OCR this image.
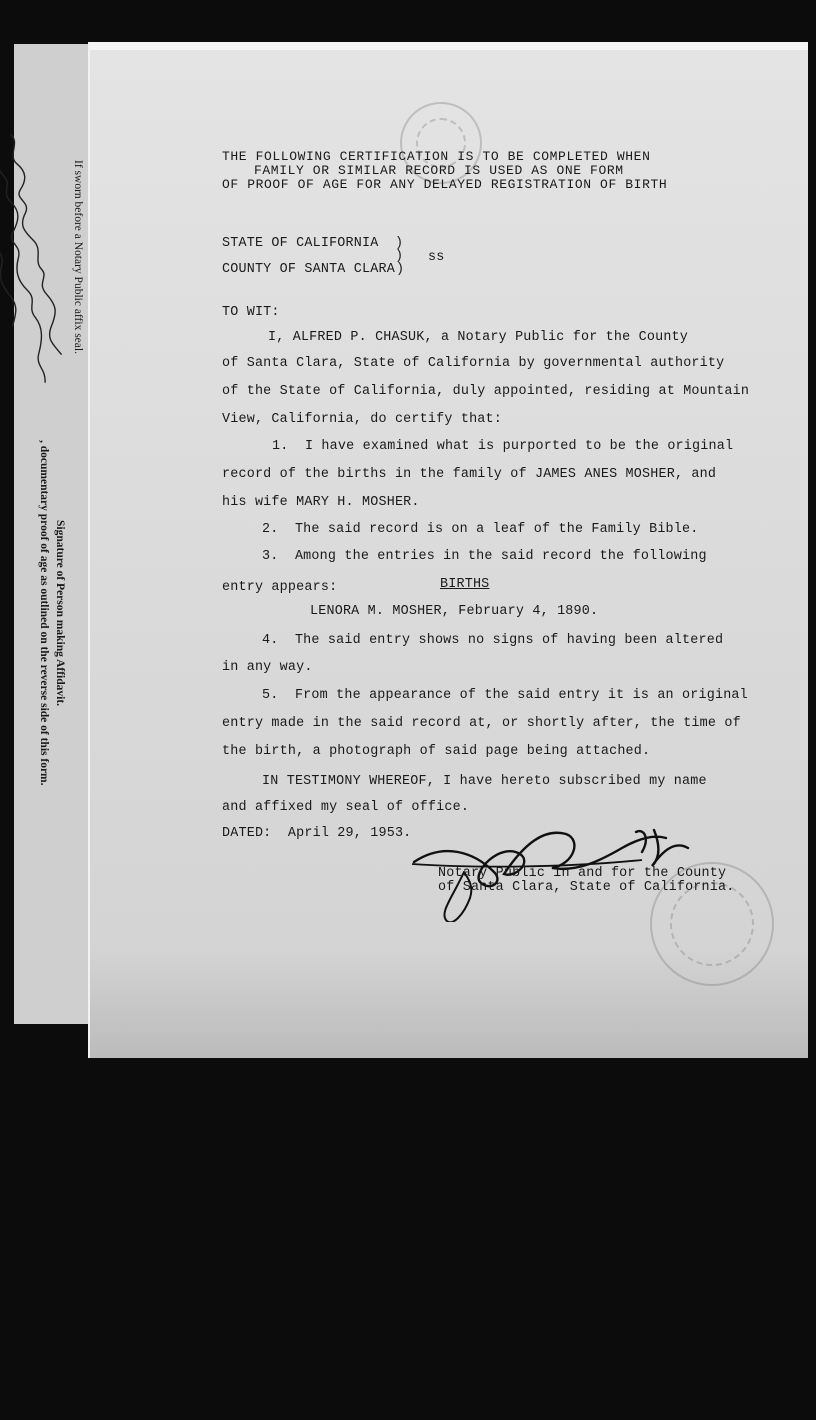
If sworn before a Notary Public affix seal.
Signature of Person making Affidavit.
, documentary proof of age as outlined on the reverse side of this form.
THE FOLLOWING CERTIFICATION IS TO BE COMPLETED WHEN
FAMILY OR SIMILAR RECORD IS USED AS ONE FORM
OF PROOF OF AGE FOR ANY DELAYED REGISTRATION OF BIRTH
STATE OF CALIFORNIA )
) ss
COUNTY OF SANTA CLARA )
TO WIT:
I, ALFRED P. CHASUK, a Notary Public for the County
of Santa Clara, State of California by governmental authority
of the State of California, duly appointed, residing at Mountain
View, California, do certify that:
1.  I have examined what is purported to be the original
record of the births in the family of JAMES ANES MOSHER, and
his wife MARY H. MOSHER.
2.  The said record is on a leaf of the Family Bible.
3.  Among the entries in the said record the following
entry appears:	BIRTHS
LENORA M. MOSHER, February 4, 1890.
4.  The said entry shows no signs of having been altered
in any way.
5.  From the appearance of the said entry it is an original
entry made in the said record at, or shortly after, the time of
the birth, a photograph of said page being attached.
IN TESTIMONY WHEREOF, I have hereto subscribed my name
and affixed my seal of office.
DATED:  April 29, 1953.
Notary Public in and for the County
of Santa Clara, State of California.
